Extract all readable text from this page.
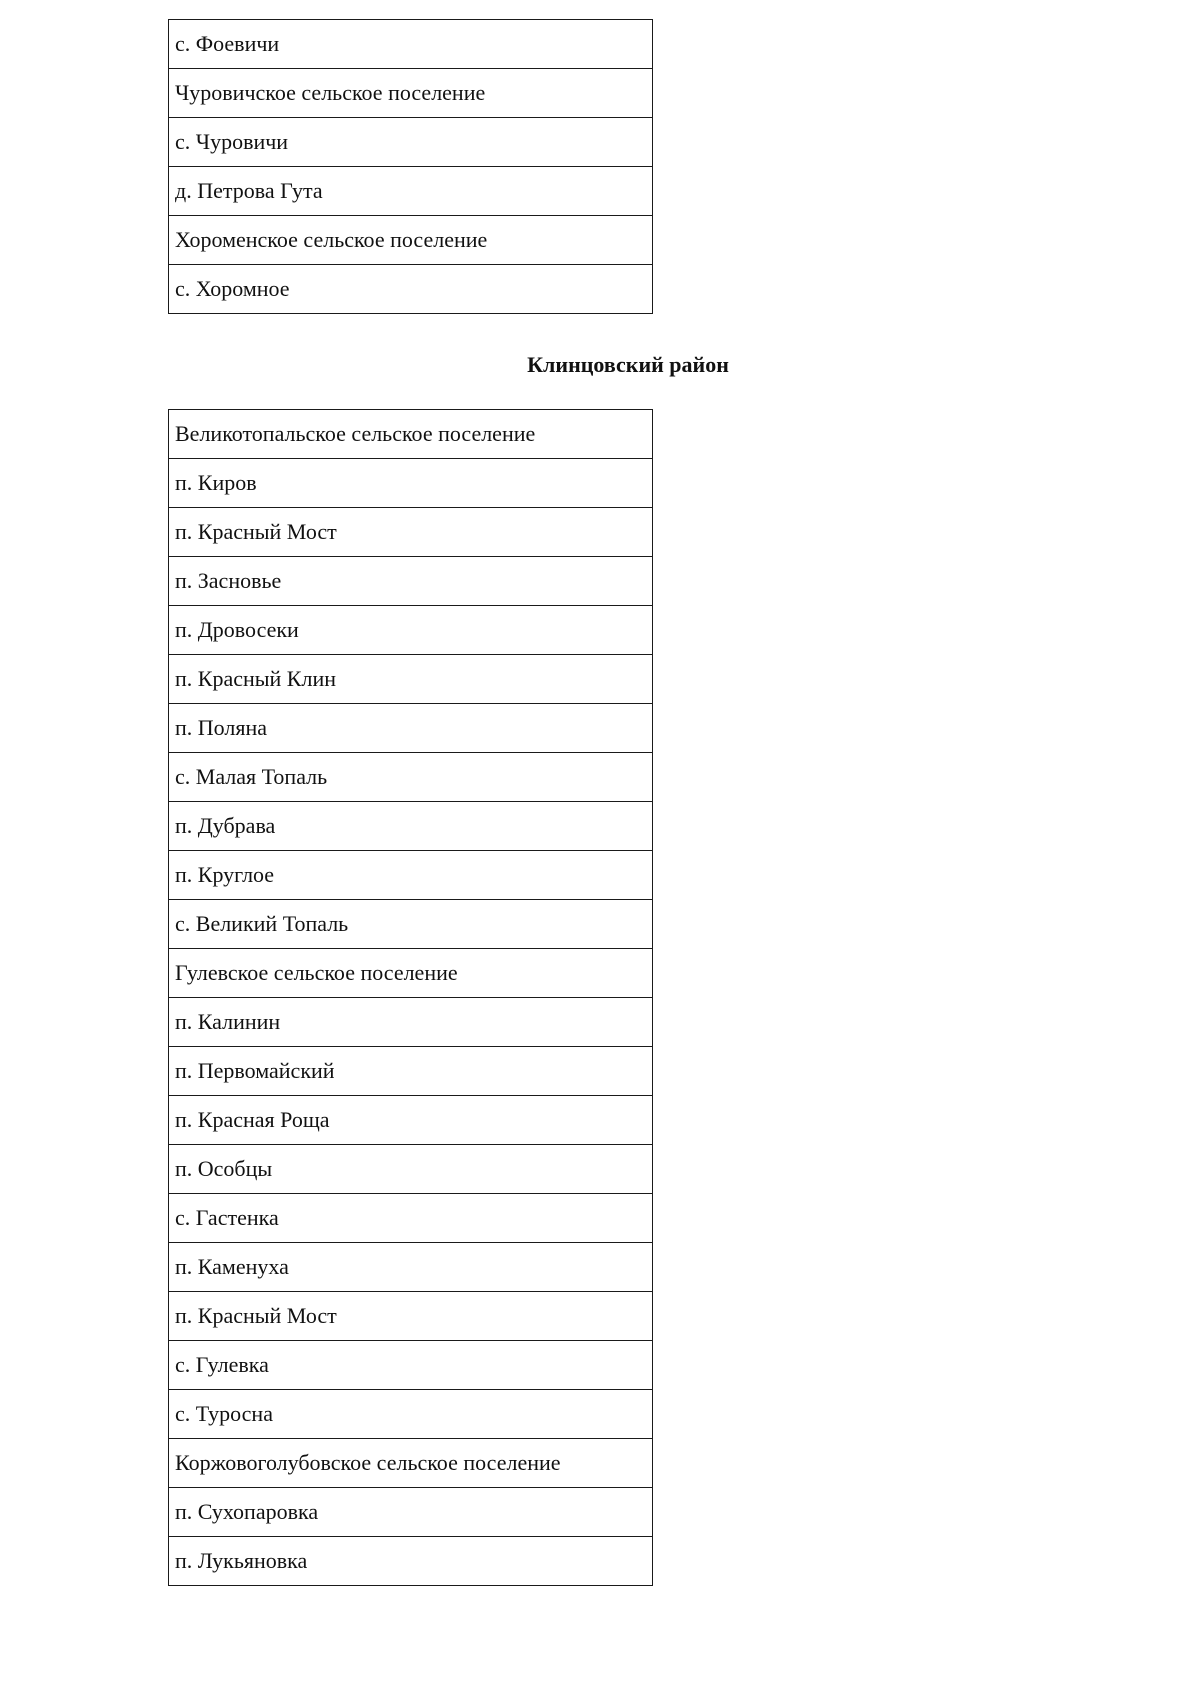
с. Фоевичи
Чуровичское сельское поселение
с. Чуровичи
д. Петрова Гута
Хороменское сельское поселение
с. Хоромное
Клинцовский район
Великотопальское сельское поселение
п. Киров
п. Красный Мост
п. Засновье
п. Дровосеки
п. Красный Клин
п. Поляна
с. Малая Топаль
п. Дубрава
п. Круглое
с. Великий Топаль
Гулевское сельское поселение
п. Калинин
п. Первомайский
п. Красная Роща
п. Особцы
с. Гастенка
п. Каменуха
п. Красный Мост
с. Гулевка
с. Туросна
Коржовоголубовское сельское поселение
п. Сухопаровка
п. Лукьяновка
